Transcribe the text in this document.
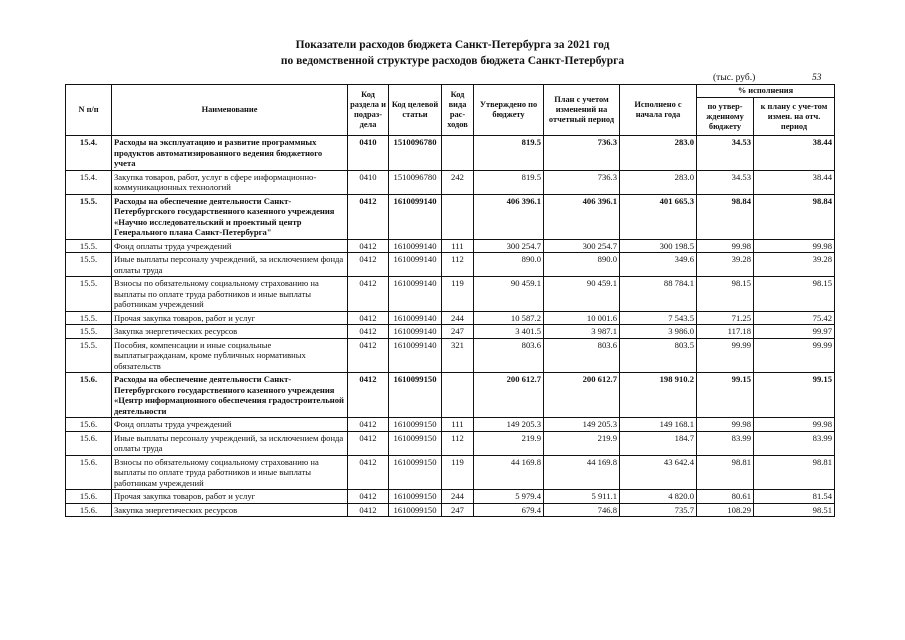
Показатели расходов бюджета Санкт-Петербурга за 2021 год
по ведомственной структуре расходов бюджета Санкт-Петербурга
(тыс. руб.)	53
N п/п	Наименование	Код раздела и подраз-дела	Код целевой статьи	Код вида рас-ходов	Утверждено по бюджету	План с учетом изменений на отчетный период	Исполнено с начала года	% исполнения	
								по утвер-жденному бюджету	к плану с уче-том измен. на отч. период
15.4.	Расходы на эксплуатацию и развитие программных продуктов автоматизированного ведения бюджетного учета	0410	1510096780		819.5	736.3	283.0	34.53	38.44
15.4.	Закупка товаров, работ, услуг в сфере информационно-коммуникационных технологий	0410	1510096780	242	819.5	736.3	283.0	34.53	38.44
15.5.	Расходы на обеспечение деятельности Санкт-Петербургского государственного казенного учреждения «Научно исследовательский и проектный центр Генерального плана Санкт-Петербурга"	0412	1610099140		406 396.1	406 396.1	401 665.3	98.84	98.84
15.5.	Фонд оплаты труда учреждений	0412	1610099140	111	300 254.7	300 254.7	300 198.5	99.98	99.98
15.5.	Иные выплаты персоналу учреждений, за исключением фонда оплаты труда	0412	1610099140	112	890.0	890.0	349.6	39.28	39.28
15.5.	Взносы по обязательному социальному страхованию на выплаты по оплате труда работников и иные выплаты работникам учреждений	0412	1610099140	119	90 459.1	90 459.1	88 784.1	98.15	98.15
15.5.	Прочая закупка товаров, работ и услуг	0412	1610099140	244	10 587.2	10 001.6	7 543.5	71.25	75.42
15.5.	Закупка энергетических ресурсов	0412	1610099140	247	3 401.5	3 987.1	3 986.0	117.18	99.97
15.5.	Пособия, компенсации и иные социальные выплатыгражданам, кроме публичных нормативных обязательств	0412	1610099140	321	803.6	803.6	803.5	99.99	99.99
15.6.	Расходы на обеспечение деятельности Санкт-Петербургского государственного казенного учреждения «Центр информационного обеспечения градостроительной деятельности	0412	1610099150		200 612.7	200 612.7	198 910.2	99.15	99.15
15.6.	Фонд оплаты труда учреждений	0412	1610099150	111	149 205.3	149 205.3	149 168.1	99.98	99.98
15.6.	Иные выплаты персоналу учреждений, за исключением фонда оплаты труда	0412	1610099150	112	219.9	219.9	184.7	83.99	83.99
15.6.	Взносы по обязательному социальному страхованию на выплаты по оплате труда работников и иные выплаты работникам учреждений	0412	1610099150	119	44 169.8	44 169.8	43 642.4	98.81	98.81
15.6.	Прочая закупка товаров, работ и услуг	0412	1610099150	244	5 979.4	5 911.1	4 820.0	80.61	81.54
15.6.	Закупка энергетических ресурсов	0412	1610099150	247	679.4	746.8	735.7	108.29	98.51
